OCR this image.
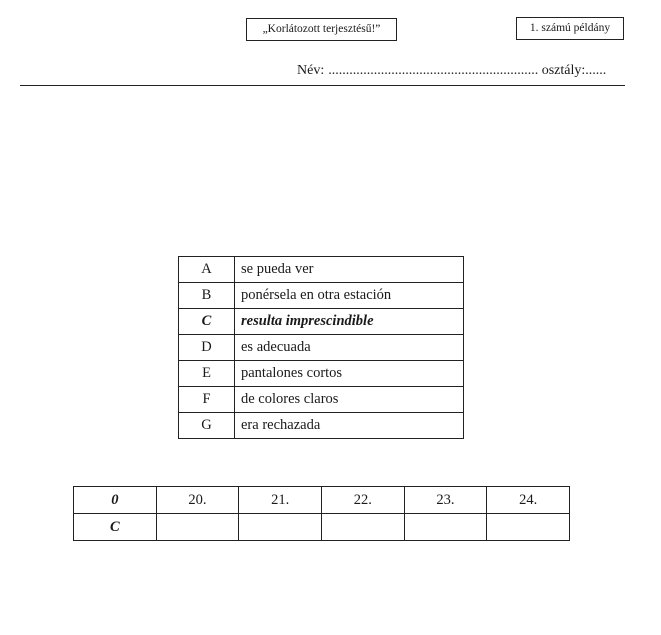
„Korlátozott terjesztésű!”	1. számú példány
Név: ............................................................ osztály:......
A	se pueda ver
B	ponérsela en otra estación
C	resulta imprescindible
D	es adecuada
E	pantalones cortos
F	de colores claros
G	era rechazada
0	20.	21.	22.	23.	24.
C					
